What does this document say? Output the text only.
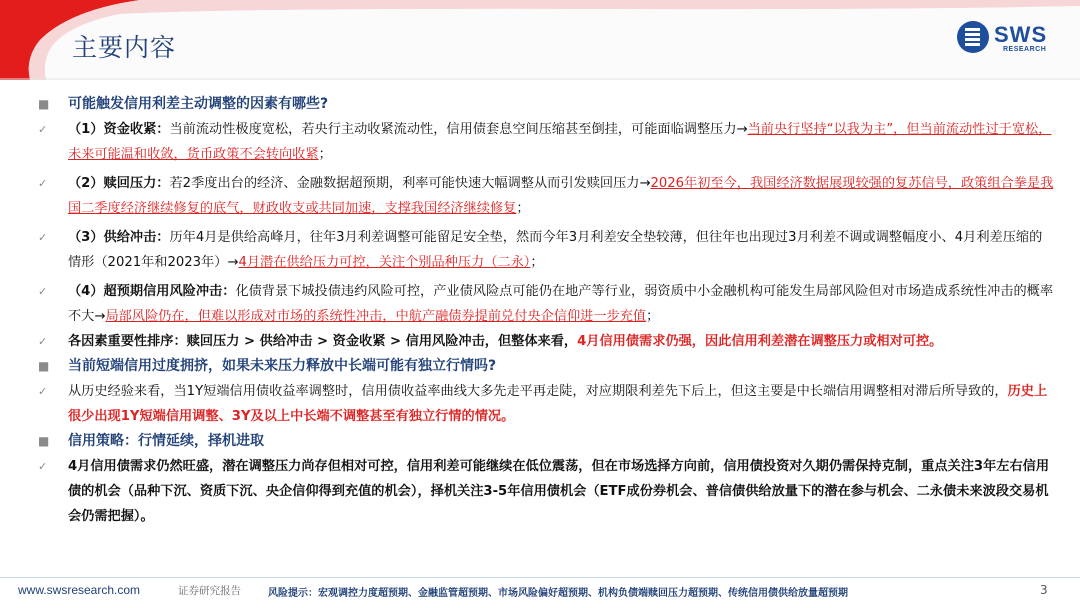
主要内容	SWS
RESEARCH
■	可能触发信用利差主动调整的因素有哪些?
✓	（1）资金收紧：当前流动性极度宽松，若央行主动收紧流动性，信用债套息空间压缩甚至倒挂，可能面临调整压力→当前央行坚持“以我为主”，但当前流动性过于宽松，未来可能温和收敛，货币政策不会转向收紧；
✓	（2）赎回压力：若2季度出台的经济、金融数据超预期，利率可能快速大幅调整从而引发赎回压力→2026年初至今，我国经济数据展现较强的复苏信号，政策组合拳是我国二季度经济继续修复的底气，财政收支或共同加速，支撑我国经济继续修复；
✓	（3）供给冲击：历年4月是供给高峰月，往年3月利差调整可能留足安全垫，然而今年3月利差安全垫较薄，但往年也出现过3月利差不调或调整幅度小、4月利差压缩的情形（2021年和2023年）→4月潜在供给压力可控，关注个别品种压力（二永）；
✓	（4）超预期信用风险冲击：化债背景下城投债违约风险可控，产业债风险点可能仍在地产等行业，弱资质中小金融机构可能发生局部风险但对市场造成系统性冲击的概率不大→局部风险仍在，但难以形成对市场的系统性冲击，中航产融债券提前兑付央企信仰进一步充值；
✓	各因素重要性排序：赎回压力 > 供给冲击 > 资金收紧 > 信用风险冲击，但整体来看，4月信用债需求仍强，因此信用利差潜在调整压力或相对可控。
■	当前短端信用过度拥挤，如果未来压力释放中长端可能有独立行情吗?
✓	从历史经验来看，当1Y短端信用债收益率调整时，信用债收益率曲线大多先走平再走陡，对应期限利差先下后上，但这主要是中长端信用调整相对滞后所导致的，历史上很少出现1Y短端信用调整、3Y及以上中长端不调整甚至有独立行情的情况。
■	信用策略：行情延续，择机进取
✓	4月信用债需求仍然旺盛，潜在调整压力尚存但相对可控，信用利差可能继续在低位震荡，但在市场选择方向前，信用债投资对久期仍需保持克制，重点关注3年左右信用债的机会（品种下沉、资质下沉、央企信仰得到充值的机会），择机关注3-5年信用债机会（ETF成份券机会、普信债供给放量下的潜在参与机会、二永债未来波段交易机会仍需把握）。
www.swsresearch.com	证券研究报告	风险提示：宏观调控力度超预期、金融监管超预期、市场风险偏好超预期、机构负债端赎回压力超预期、传统信用债供给放量超预期	3
